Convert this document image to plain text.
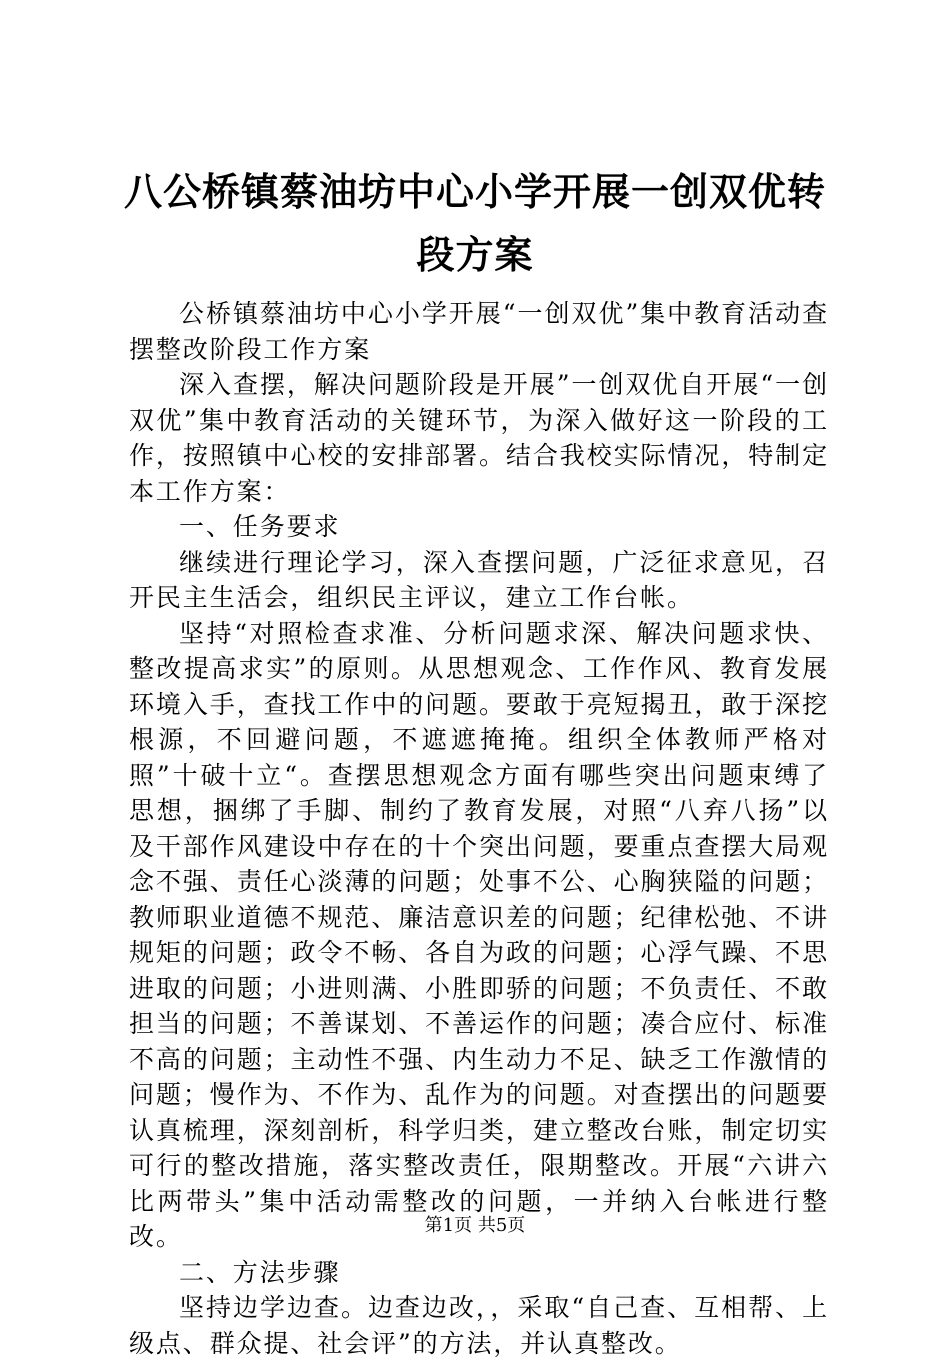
八公桥镇蔡油坊中心小学开展一创双优转段方案

公桥镇蔡油坊中心小学开展“一创双优”集中教育活动查摆整改阶段工作方案

深入查摆，解决问题阶段是开展”一创双优自开展“一创双优”集中教育活动的关键环节，为深入做好这一阶段的工作，按照镇中心校的安排部署。结合我校实际情况，特制定本工作方案：

一、任务要求

继续进行理论学习，深入查摆问题，广泛征求意见，召开民主生活会，组织民主评议，建立工作台帐。

坚持“对照检查求准、分析问题求深、解决问题求快、整改提高求实”的原则。从思想观念、工作作风、教育发展环境入手，查找工作中的问题。要敢于亮短揭丑，敢于深挖根源，不回避问题，不遮遮掩掩。组织全体教师严格对照”十破十立“。查摆思想观念方面有哪些突出问题束缚了思想，捆绑了手脚、制约了教育发展，对照“八弃八扬”以及干部作风建设中存在的十个突出问题，要重点查摆大局观念不强、责任心淡薄的问题；处事不公、心胸狭隘的问题；教师职业道德不规范、廉洁意识差的问题；纪律松弛、不讲规矩的问题；政令不畅、各自为政的问题；心浮气躁、不思进取的问题；小进则满、小胜即骄的问题；不负责任、不敢担当的问题；不善谋划、不善运作的问题；凑合应付、标准不高的问题；主动性不强、内生动力不足、缺乏工作激情的问题；慢作为、不作为、乱作为的问题。对查摆出的问题要认真梳理，深刻剖析，科学归类，建立整改台账，制定切实可行的整改措施，落实整改责任，限期整改。开展“六讲六比两带头”集中活动需整改的问题，一并纳入台帐进行整改。

二、方法步骤

坚持边学边查。边查边改，，采取“自己查、互相帮、上级点、群众提、社会评”的方法，并认真整改。

第1页 共5页
